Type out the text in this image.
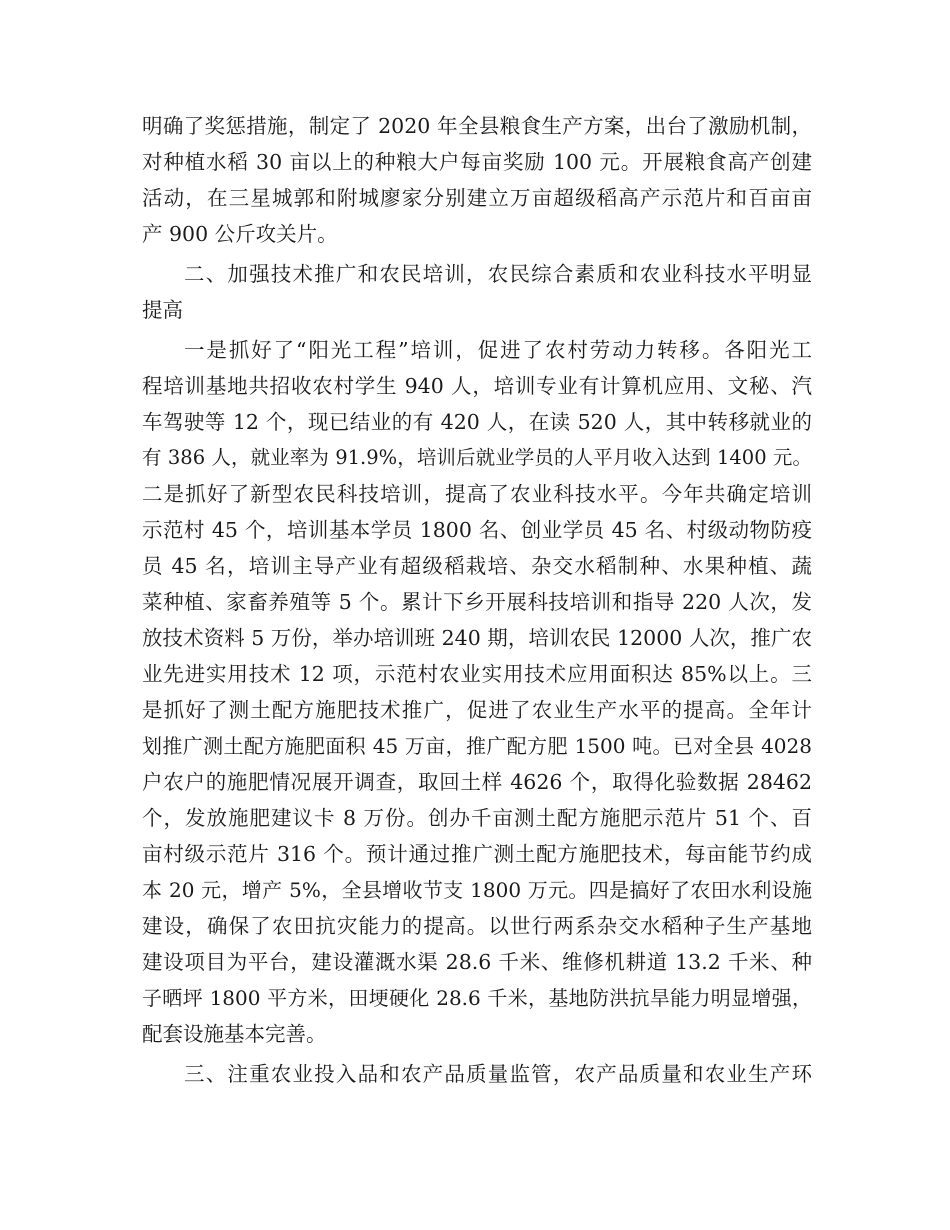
明确了奖惩措施，制定了 2020 年全县粮食生产方案，出台了激励机制，
对种植水稻 30 亩以上的种粮大户每亩奖励 100 元。开展粮食高产创建
活动，在三星城郭和附城廖家分别建立万亩超级稻高产示范片和百亩亩
产 900 公斤攻关片。
二、加强技术推广和农民培训，农民综合素质和农业科技水平明显
提高
一是抓好了“阳光工程”培训，促进了农村劳动力转移。各阳光工
程培训基地共招收农村学生 940 人，培训专业有计算机应用、文秘、汽
车驾驶等 12 个，现已结业的有 420 人，在读 520 人，其中转移就业的
有 386 人，就业率为 91.9%，培训后就业学员的人平月收入达到 1400 元。
二是抓好了新型农民科技培训，提高了农业科技水平。今年共确定培训
示范村 45 个，培训基本学员 1800 名、创业学员 45 名、村级动物防疫
员 45 名，培训主导产业有超级稻栽培、杂交水稻制种、水果种植、蔬
菜种植、家畜养殖等 5 个。累计下乡开展科技培训和指导 220 人次，发
放技术资料 5 万份，举办培训班 240 期，培训农民 12000 人次，推广农
业先进实用技术 12 项，示范村农业实用技术应用面积达 85%以上。三
是抓好了测土配方施肥技术推广，促进了农业生产水平的提高。全年计
划推广测土配方施肥面积 45 万亩，推广配方肥 1500 吨。已对全县 4028
户农户的施肥情况展开调查，取回土样 4626 个，取得化验数据 28462
个，发放施肥建议卡 8 万份。创办千亩测土配方施肥示范片 51 个、百
亩村级示范片 316 个。预计通过推广测土配方施肥技术，每亩能节约成
本 20 元，增产 5%，全县增收节支 1800 万元。四是搞好了农田水利设施
建设，确保了农田抗灾能力的提高。以世行两系杂交水稻种子生产基地
建设项目为平台，建设灌溉水渠 28.6 千米、维修机耕道 13.2 千米、种
子晒坪 1800 平方米，田埂硬化 28.6 千米，基地防洪抗旱能力明显增强，
配套设施基本完善。
三、注重农业投入品和农产品质量监管，农产品质量和农业生产环
